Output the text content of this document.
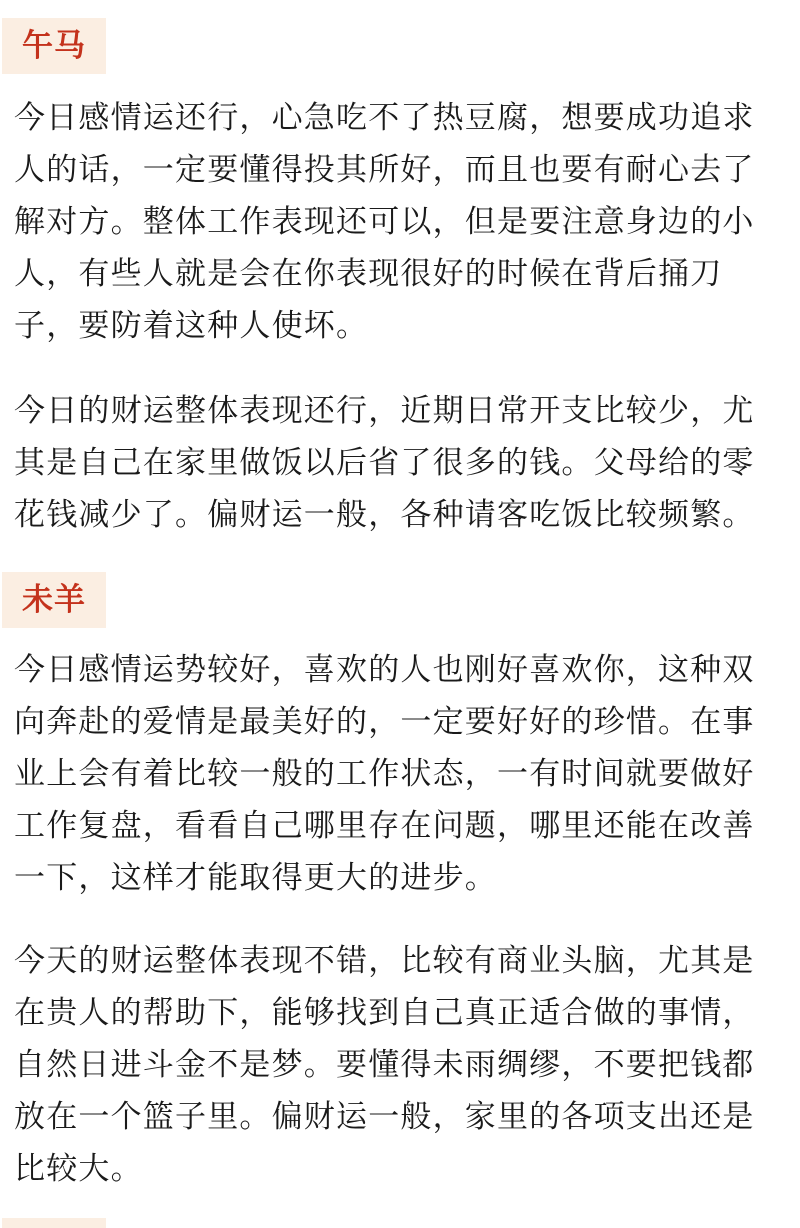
午马

今日感情运还行，心急吃不了热豆腐，想要成功追求
人的话，一定要懂得投其所好，而且也要有耐心去了
解对方。整体工作表现还可以，但是要注意身边的小
人，有些人就是会在你表现很好的时候在背后捅刀
子，要防着这种人使坏。

今日的财运整体表现还行，近期日常开支比较少，尤
其是自己在家里做饭以后省了很多的钱。父母给的零
花钱减少了。偏财运一般，各种请客吃饭比较频繁。

未羊

今日感情运势较好，喜欢的人也刚好喜欢你，这种双
向奔赴的爱情是最美好的，一定要好好的珍惜。在事
业上会有着比较一般的工作状态，一有时间就要做好
工作复盘，看看自己哪里存在问题，哪里还能在改善
一下，这样才能取得更大的进步。

今天的财运整体表现不错，比较有商业头脑，尤其是
在贵人的帮助下，能够找到自己真正适合做的事情，
自然日进斗金不是梦。要懂得未雨绸缪，不要把钱都
放在一个篮子里。偏财运一般，家里的各项支出还是
比较大。
